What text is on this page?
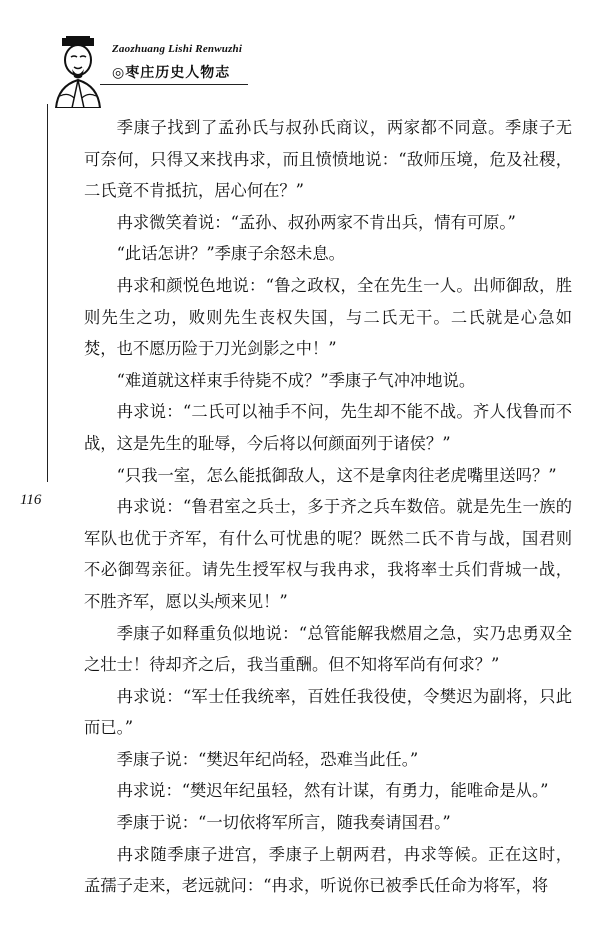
Zaozhuang Lishi Renwuzhi
◎枣庄历史人物志
116

季康子找到了孟孙氏与叔孙氏商议，两家都不同意。季康子无可奈何，只得又来找冉求，而且愤愤地说：“敌师压境，危及社稷，二氏竟不肯抵抗，居心何在？”

冉求微笑着说：“孟孙、叔孙两家不肯出兵，情有可原。”

“此话怎讲？”季康子余怒未息。

冉求和颜悦色地说：“鲁之政权，全在先生一人。出师御敌，胜则先生之功，败则先生丧权失国，与二氏无干。二氏就是心急如焚，也不愿历险于刀光剑影之中！”

“难道就这样束手待毙不成？”季康子气冲冲地说。

冉求说：“二氏可以袖手不问，先生却不能不战。齐人伐鲁而不战，这是先生的耻辱，今后将以何颜面列于诸侯？”

“只我一室，怎么能抵御敌人，这不是拿肉往老虎嘴里送吗？”

冉求说：“鲁君室之兵士，多于齐之兵车数倍。就是先生一族的军队也优于齐军，有什么可忧患的呢？既然二氏不肯与战，国君则不必御驾亲征。请先生授军权与我冉求，我将率士兵们背城一战，不胜齐军，愿以头颅来见！”

季康子如释重负似地说：“总管能解我燃眉之急，实乃忠勇双全之壮士！待却齐之后，我当重酬。但不知将军尚有何求？”

冉求说：“军士任我统率，百姓任我役使，令樊迟为副将，只此而已。”

季康子说：“樊迟年纪尚轻，恐难当此任。”

冉求说：“樊迟年纪虽轻，然有计谋，有勇力，能唯命是从。”

季康于说：“一切依将军所言，随我奏请国君。”

冉求随季康子进宫，季康子上朝两君，冉求等候。正在这时，孟孺子走来，老远就问：“冉求，听说你已被季氏任命为将军，将
